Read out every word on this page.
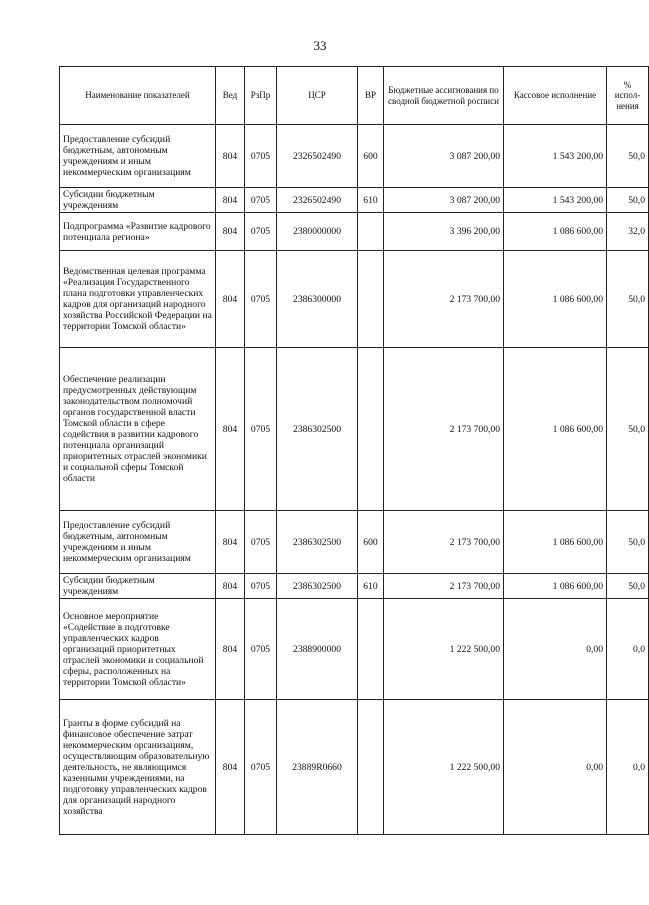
33
Наименование показателей	Вед	РзПр	ЦСР	ВР	Бюджетные ассигнования по сводной бюджетной росписи	Кассовое исполнение	% испол-нения
Предоставление субсидий бюджетным, автономным учреждениям и иным некоммерческим организациям	804	0705	2326502490	600	3 087 200,00	1 543 200,00	50,0
Субсидии бюджетным учреждениям	804	0705	2326502490	610	3 087 200,00	1 543 200,00	50,0
Подпрограмма «Развитие кадрового потенциала региона»	804	0705	2380000000		3 396 200,00	1 086 600,00	32,0
Ведомственная целевая программа «Реализация Государственного плана подготовки управленческих кадров для организаций народного хозяйства Российской Федерации на территории Томской области»	804	0705	2386300000		2 173 700,00	1 086 600,00	50,0
Обеспечение реализации предусмотренных действующим законодательством полномочий органов государственной власти Томской области в сфере содействия в развитии кадрового потенциала организаций приоритетных отраслей экономики и социальной сферы Томской области	804	0705	2386302500		2 173 700,00	1 086 600,00	50,0
Предоставление субсидий бюджетным, автономным учреждениям и иным некоммерческим организациям	804	0705	2386302500	600	2 173 700,00	1 086 600,00	50,0
Субсидии бюджетным учреждениям	804	0705	2386302500	610	2 173 700,00	1 086 600,00	50,0
Основное мероприятие «Содействие в подготовке управленческих кадров организаций приоритетных отраслей экономики и социальной сферы, расположенных на территории Томской области»	804	0705	2388900000		1 222 500,00	0,00	0,0
Гранты в форме субсидий на финансовое обеспечение затрат некоммерческим организациям, осуществляющим образовательную деятельность, не являющимся казенными учреждениями, на подготовку управленческих кадров для организаций народного хозяйства	804	0705	23889R0660		1 222 500,00	0,00	0,0
